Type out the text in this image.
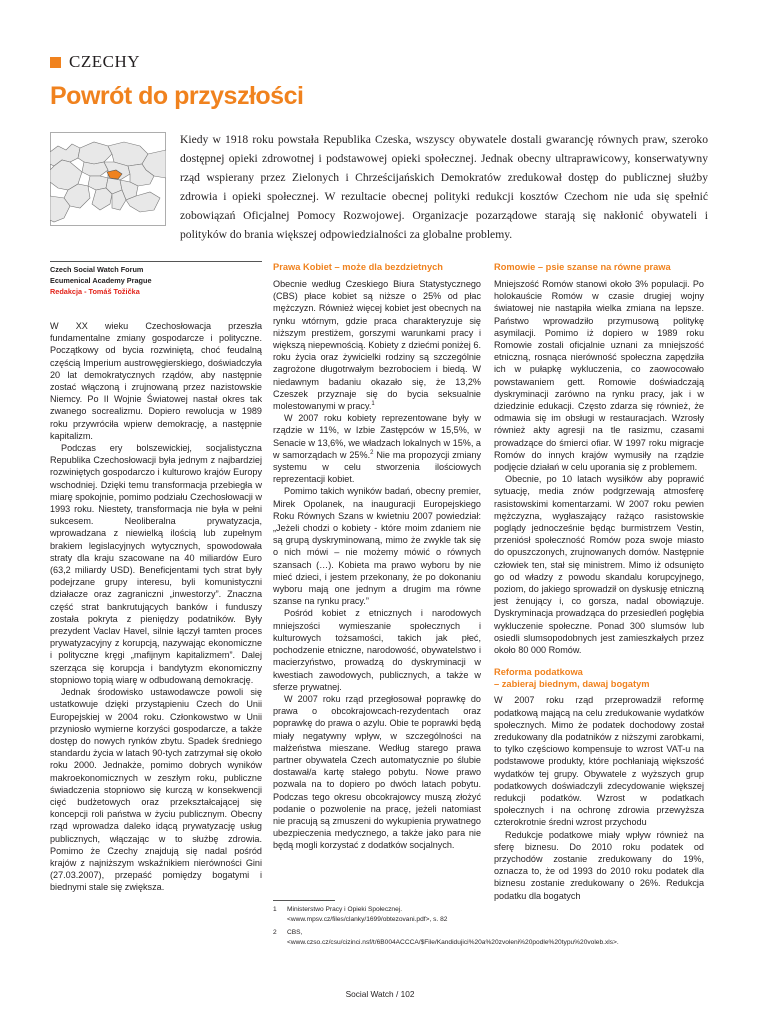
CZECHY
Powrót do przyszłości

Kiedy w 1918 roku powstała Republika Czeska, wszyscy obywatele dostali gwarancję równych praw, szeroko dostępnej opieki zdrowotnej i podstawowej opieki społecznej. Jednak obecny ultraprawicowy, konserwatywny rząd wspierany przez Zielonych i Chrześcijańskich Demokratów zredukował dostęp do publicznej służby zdrowia i opieki społecznej. W rezultacie obecnej polityki redukcji kosztów Czechom nie uda się spełnić zobowiązań Oficjalnej Pomocy Rozwojowej. Organizacje pozarządowe starają się nakłonić obywateli i polityków do brania większej odpowiedzialności za globalne problemy.

Czech Social Watch Forum
Ecumenical Academy Prague
Redakcja - Tomáš Tožička

W XX wieku Czechosłowacja przeszła fundamentalne zmiany gospodarcze i polityczne. Początkowy od bycia rozwiniętą, choć feudalną częścią Imperium austrowęgierskiego, doświadczyła 20 lat demokratycznych rządów, aby następnie zostać włączoną i zrujnowaną przez nazistowskie Niemcy. Po II Wojnie Światowej nastał okres tak zwanego socrealizmu. Dopiero rewolucja w 1989 roku przywróciła wpierw demokrację, a następnie kapitalizm.

Podczas ery bolszewickiej, socjalistyczna Republika Czechosłowacji była jednym z najbardziej rozwiniętych gospodarczo i kulturowo krajów Europy wschodniej. Dzięki temu transformacja przebiegła w miarę spokojnie, pomimo podziału Czechosłowacji w 1993 roku. Niestety, transformacja nie była w pełni sukcesem. Neoliberalna prywatyzacja, wprowadzana z niewielką ilością lub zupełnym brakiem legislacyjnych wytycznych, spowodowała straty dla kraju szacowane na 40 miliardów Euro (63,2 miliardy USD). Beneficjentami tych strat były podejrzane grupy interesu, byli komunistyczni działacze oraz zagraniczni „inwestorzy”. Znaczna część strat bankrutujących banków i funduszy została pokryta z pieniędzy podatników. Były prezydent Vaclav Havel, silnie łączył tamten proces prywatyzacyjny z korupcją, nazywając ekonomiczne i polityczne kręgi „mafijnym kapitalizmem”. Dalej szerząca się korupcja i bandytyzm ekonomiczny stopniowo topią wiarę w odbudowaną demokrację.

Jednak środowisko ustawodawcze powoli się ustatkowuje dzięki przystąpieniu Czech do Unii Europejskiej w 2004 roku. Członkowstwo w Unii przyniosło wymierne korzyści gospodarcze, a także dostęp do nowych rynków zbytu. Spadek średniego standardu życia w latach 90-tych zatrzymał się około roku 2000. Jednakże, pomimo dobrych wyników makroekonomicznych w zeszłym roku, publiczne świadczenia stopniowo się kurczą w konsekwencji cięć budżetowych oraz przekształcającej się koncepcji roli państwa w życiu publicznym. Obecny rząd wprowadza daleko idącą prywatyzację usług publicznych, włączając w to służbę zdrowia. Pomimo że Czechy znajdują się nadal pośród krajów z najniższym wskaźnikiem nierówności Gini (27.03.2007), przepaść pomiędzy bogatymi i biednymi stale się zwiększa.

Prawa Kobiet – może dla bezdzietnych

Obecnie według Czeskiego Biura Statystycznego (CBS) płace kobiet są niższe o 25% od płac mężczyzn. Również więcej kobiet jest obecnych na rynku wtórnym, gdzie praca charakteryzuje się niższym prestiżem, gorszymi warunkami pracy i większą niepewnością. Kobiety z dziećmi poniżej 6. roku życia oraz żywicielki rodziny są szczególnie zagrożone długotrwałym bezrobociem i biedą. W niedawnym badaniu okazało się, że 13,2% Czeszek przyznaje się do bycia seksualnie molestowanymi w pracy.$^1$

W 2007 roku kobiety reprezentowane były w rządzie w 11%, w Izbie Zastępców w 15,5%, w Senacie w 13,6%, we władzach lokalnych w 15%, a w samorządach w 25%.$^2$ Nie ma propozycji zmiany systemu w celu stworzenia ilościowych reprezentacji kobiet.

Pomimo takich wyników badań, obecny premier, Mirek Opolanek, na inauguracji Europejskiego Roku Równych Szans w kwietniu 2007 powiedział: „Jeżeli chodzi o kobiety - które moim zdaniem nie są grupą dyskryminowaną, mimo że zwykle tak się o nich mówi – nie możemy mówić o równych szansach (…). Kobieta ma prawo wyboru by nie mieć dzieci, i jestem przekonany, że po dokonaniu wyboru mają one jednym a drugim ma równe szanse na rynku pracy.”

Pośród kobiet z etnicznych i narodowych mniejszości wymieszanie społecznych i kulturowych tożsamości, takich jak płeć, pochodzenie etniczne, narodowość, obywatelstwo i macierzyństwo, prowadzą do dyskryminacji w kwestiach zawodowych, publicznych, a także w sferze prywatnej.

W 2007 roku rząd przegłosował poprawkę do prawa o obcokrajowcach-rezydentach oraz poprawkę do prawa o azylu. Obie te poprawki będą miały negatywny wpływ, w szczególności na małżeństwa mieszane. Według starego prawa partner obywatela Czech automatycznie po ślubie dostawał/a kartę stałego pobytu. Nowe prawo pozwala na to dopiero po dwóch latach pobytu. Podczas tego okresu obcokrajowcy muszą złożyć podanie o pozwolenie na pracę, jeżeli natomiast nie pracują są zmuszeni do wykupienia prywatnego ubezpieczenia medycznego, a także jako para nie będą mogli korzystać z dodatków socjalnych.

1	Ministerstwo Pracy i Opieki Społecznej. <www.mpsv.cz/files/clanky/1699/obtezovani.pdf>, s. 82
2	CBS, <www.czso.cz/csu/cizinci.nsf/t/6B004ACCCA/$File/Kandidujici%20a%20zvoleni%20podle%20typu%20voleb.xls>.
Romowie – psie szanse na równe prawa

Mniejszość Romów stanowi około 3% populacji. Po holokauście Romów w czasie drugiej wojny światowej nie nastąpiła wielka zmiana na lepsze. Państwo wprowadziło przymusową politykę asymilacji. Pomimo iż dopiero w 1989 roku Romowie zostali oficjalnie uznani za mniejszość etniczną, rosnąca nierówność społeczna zapędziła ich w pułapkę wykluczenia, co zaowocowało powstawaniem gett. Romowie doświadczają dyskryminacji zarówno na rynku pracy, jak i w dziedzinie edukacji. Często zdarza się również, że odmawia się im obsługi w restauracjach. Wzrosły również akty agresji na tle rasizmu, czasami prowadzące do śmierci ofiar. W 1997 roku migracje Romów do innych krajów wymusiły na rządzie podjęcie działań w celu uporania się z problemem.

Obecnie, po 10 latach wysiłków aby poprawić sytuację, media znów podgrzewają atmosferę rasistowskimi komentarzami. W 2007 roku pewien mężczyzna, wygłaszający rażąco rasistowskie poglądy jednocześnie będąc burmistrzem Vestin, przeniósł społeczność Romów poza swoje miasto do opuszczonych, zrujnowanych domów. Następnie człowiek ten, stał się ministrem. Mimo iż odsunięto go od władzy z powodu skandalu korupcyjnego, poziom, do jakiego sprowadził on dyskusję etniczną jest żenujący i, co gorsza, nadal obowiązuje. Dyskryminacja prowadząca do przesiedleń pogłębia wykluczenie społeczne. Ponad 300 slumsów lub osiedli slumsopodobnych jest zamieszkałych przez około 80 000 Romów.

Reforma podatkowa
– zabieraj biednym, dawaj bogatym

W 2007 roku rząd przeprowadził reformę podatkową mającą na celu zredukowanie wydatków społecznych. Mimo że podatek dochodowy został zredukowany dla podatników z niższymi zarobkami, to tylko częściowo kompensuje to wzrost VAT-u na podstawowe produkty, które pochłaniają większość wydatków tej grupy. Obywatele z wyższych grup podatkowych doświadczyli zdecydowanie większej redukcji podatków. Wzrost w podatkach społecznych i na ochronę zdrowia przewyższa czterokrotnie średni wzrost przychodu

Redukcje podatkowe miały wpływ również na sferę biznesu. Do 2010 roku podatek od przychodów zostanie zredukowany do 19%, oznacza to, że od 1993 do 2010 roku podatek dla biznesu zostanie zredukowany o 26%. Redukcja podatku dla bogatych

Social Watch / 102
